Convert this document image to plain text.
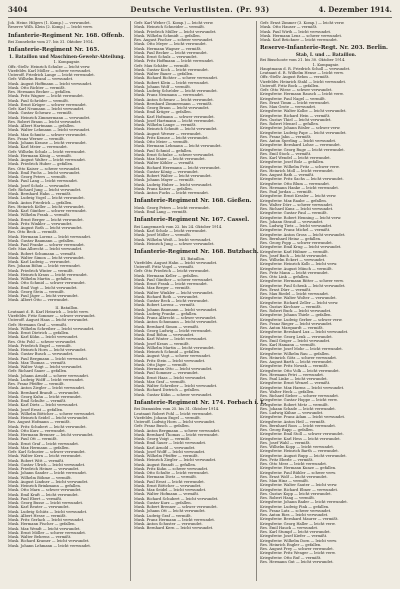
3404	Deutsche Verlustlisten. (Pr. 93)	4. Dezember 1914.
Joh. Heinr. Hilgers (1. Komp.) — verwundet.
Reserve Wilh. Klein (2. Komp.) — leicht verw.
Infanterie-Regiment Nr. 168. Offenb.
Bei Zonnebeke vom 27. bis 31. Oktober 1914.
Infanterie-Regiment Nr. 165.
1. Bataillon und Maschinen-Gewehr-Abteilung.
1. Kompagnie.
Offz.-Stellv. Heinrich Schulze — leicht verw.
Vizefeldw. Karl Möller — schwer verwundet.
Unteroff. Friedrich Lange — leicht verwundet.
Gefr. Wilhelm Brand — verwundet.
Musk. August Hoffmann — leicht verwundet.
Musk. Otto Richter — vermißt.
Res. Hermann Becker — gefallen.
Musk. Fritz Wagner — leicht verwundet.
Musk. Paul Schröder — vermißt.
Musk. Ernst Krüger — schwer verwundet.
Gefr. Karl Neumann — leicht verwundet.
Musk. Gustav Schwarz — vermißt.
Musk. Heinrich Zimmermann — verwundet.
Res. Robert Braun — leicht verwundet.
Musk. Albert Hartmann — gefallen.
Musk. Walter Lehmann — leicht verwundet.
Musk. Max Schmitz — schwer verwundet.
Res. Franz Werner — vermißt.
Musk. Johann Krause — leicht verwundet.
Musk. Karl Meier — verwundet.
Gefr. Wilhelm Schulz — leicht verwundet.
Musk. Hermann König — vermißt.
Musk. August Walter — leicht verwundet.
Musk. Friedrich Huber — gefallen.
Res. Otto Kaiser — schwer verwundet.
Musk. Emil Fuchs — leicht verwundet.
Musk. Georg Peters — vermißt.
Musk. Paul Lang — leicht verwundet.
Musk. Josef Scholz — verwundet.
Gefr. Richard Jung — leicht verwundet.
Musk. Bernhard Hahn — vermißt.
Musk. Ludwig Vogel — leicht verwundet.
Musk. Anton Friedrich — gefallen.
Res. Heinrich Keller — leicht verwundet.
Musk. Karl Günther — schwer verwundet.
Musk. Wilhelm Frank — vermißt.
Musk. Ernst Berger — leicht verwundet.
Musk. Fritz Winkler — verwundet.
Musk. August Roth — leicht verwundet.
Res. Otto Beck — vermißt.
Musk. Hermann Lorenz — leicht verwundet.
Musk. Gustav Baumann — gefallen.
Musk. Paul Franke — schwer verwundet.
Gefr. Max Albrecht — leicht verwundet.
Musk. Robert Schumann — vermißt.
Musk. Walter Simon — leicht verwundet.
Musk. Karl Ludwig — verwundet.
Res. Johann Böhm — leicht verwundet.
Musk. Friedrich Winter — vermißt.
Musk. Heinrich Kraus — leicht verwundet.
Musk. Wilhelm Martin — gefallen.
Musk. Otto Schmid — schwer verwundet.
Musk. Emil Vogt — leicht verwundet.
Musk. Georg Stein — vermißt.
Musk. Paul Jäger — leicht verwundet.
Musk. Albert Otto — verwundet.
II. Bataillon.
Leutnant d. R. Karl Heinrich — leicht verw.
Vizefeldw. Fritz Sommer — schwer verwundet.
Unteroff. August Haas — leicht verwundet.
Gefr. Hermann Graf — vermißt.
Musk. Wilhelm Schreiber — leicht verwundet.
Musk. Ernst Dietrich — gefallen.
Musk. Karl Kühn — leicht verwundet.
Res. Otto Pohl — schwer verwundet.
Musk. Friedrich Engel — vermißt.
Musk. Heinrich Horn — leicht verwundet.
Musk. Gustav Busch — verwundet.
Musk. Paul Bergmann — leicht verwundet.
Musk. Max Thomas — vermißt.
Musk. Walter Voigt — leicht verwundet.
Gefr. Richard Sauer — gefallen.
Musk. Johann Arnold — schwer verwundet.
Musk. Ludwig Wolff — leicht verwundet.
Res. Franz Pfeiffer — vermißt.
Musk. Anton Ziegler — leicht verwundet.
Musk. Bernhard Brandt — verwundet.
Musk. Georg Kuhn — leicht verwundet.
Musk. Emil Schulte — vermißt.
Musk. Karl Dietz — leicht verwundet.
Musk. Josef Ernst — gefallen.
Musk. Wilhelm Böttcher — schwer verwundet.
Musk. Heinrich Seidel — leicht verwundet.
Res. August Hofmann — vermißt.
Musk. Fritz Schubert — leicht verwundet.
Musk. Otto Kurz — verwundet.
Musk. Hermann Brenner — leicht verwundet.
Musk. Paul Ott — vermißt.
Musk. Ernst Graf — leicht verwundet.
Musk. Max Hermann — gefallen.
Gefr. Karl Schuster — schwer verwundet.
Musk. Walter Kern — leicht verwundet.
Musk. Robert Witt — vermißt.
Musk. Gustav Ulrich — leicht verwundet.
Musk. Friedrich Heinze — verwundet.
Musk. Johann Sander — leicht verwundet.
Musk. Wilhelm Böhme — vermißt.
Musk. August Lindner — leicht verwundet.
Musk. Heinrich Brinkmann — gefallen.
Musk. Otto Marx — schwer verwundet.
Musk. Emil Kraft — leicht verwundet.
Musk. Paul Ebert — vermißt.
Musk. Georg Busse — leicht verwundet.
Musk. Karl Reuter — verwundet.
Musk. Ludwig Schütz — leicht verwundet.
Musk. Albert Hesse — vermißt.
Musk. Fritz Gerlach — leicht verwundet.
Musk. Hermann Fischer — gefallen.
Musk. Max Wendt — leicht verwundet.
Musk. Ernst Möller — schwer verwundet.
Musk. Walter Behrens — vermißt.
Musk. Richard Kramer — leicht verwundet.
Musk. Johann Lehmann — leicht verwundet.
Gefr. Karl Weber (1. Komp.) — leicht verw.
Musk. Heinrich Schneider — vermißt.
Musk. Friedrich Müller — leicht verwundet.
Musk. Wilhelm Schmidt — gefallen.
Res. August Fischer — schwer verwundet.
Musk. Otto Meyer — leicht verwundet.
Musk. Hermann Wagner — vermißt.
Musk. Paul Becker — leicht verwundet.
Musk. Ernst Schulz — verwundet.
Musk. Fritz Hoffmann — leicht verwundet.
Gefr. Max Schäfer — vermißt.
Musk. Gustav Koch — leicht verwundet.
Musk. Walter Bauer — gefallen.
Musk. Richard Richter — schwer verwundet.
Musk. Robert Klein — leicht verwundet.
Musk. Johann Wolf — vermißt.
Musk. Ludwig Schröder — leicht verwundet.
Musk. Franz Neumann — verwundet.
Musk. Anton Schwarz — leicht verwundet.
Musk. Bernhard Zimmermann — vermißt.
Musk. Georg Braun — leicht verwundet.
Musk. Emil Krüger — gefallen.
Musk. Karl Hofmann — schwer verwundet.
Musk. Josef Hartmann — leicht verwundet.
Musk. Wilhelm Lange — vermißt.
Musk. Heinrich Schmitt — leicht verwundet.
Musk. August Werner — verwundet.
Musk. Fritz Krause — leicht verwundet.
Musk. Otto Meier — vermißt.
Musk. Hermann Lehmann — leicht verwundet.
Musk. Paul Schmid — gefallen.
Musk. Ernst Schulze — schwer verwundet.
Musk. Max Maier — leicht verwundet.
Musk. Walter Köhler — vermißt.
Musk. Richard Herrmann — leicht verwundet.
Musk. Gustav König — verwundet.
Musk. Robert Walter — leicht verwundet.
Musk. Johann Mayer — vermißt.
Musk. Ludwig Huber — leicht verwundet.
Musk. Franz Kaiser — gefallen.
Musk. Anton Fuchs — leicht verwundet.
Infanterie-Regiment Nr. 168. Gießen.
Musk. Georg Peters — leicht verwundet.
Musk. Emil Lang — vermißt.
Infanterie-Regiment Nr. 167. Cassel.
Bei Langemarck vom 22. bis 24. Oktober 1914.
Musk. Karl Scholz — leicht verwundet.
Musk. Josef Möller — vermißt.
Musk. Wilhelm Weiß — leicht verwundet.
Musk. Heinrich Jung — schwer verwundet.
Infanterie-Regiment Nr. 168. Butzbach.
III. Bataillon.
Vizefeldw. August Hahn — leicht verwundet.
Unteroff. Fritz Vogel — vermißt.
Gefr. Otto Friedrich — leicht verwundet.
Musk. Hermann Keller — gefallen.
Musk. Paul Günther — schwer verwundet.
Musk. Ernst Frank — leicht verwundet.
Musk. Max Berger — vermißt.
Musk. Walter Winkler — leicht verwundet.
Musk. Richard Roth — verwundet.
Musk. Gustav Beck — leicht verwundet.
Musk. Robert Lorenz — vermißt.
Musk. Johann Baumann — leicht verwundet.
Musk. Ludwig Franke — gefallen.
Musk. Franz Albrecht — schwer verwundet.
Musk. Anton Schumann — leicht verwundet.
Musk. Bernhard Simon — vermißt.
Musk. Georg Ludwig — leicht verwundet.
Musk. Emil Böhm — verwundet.
Musk. Karl Winter — leicht verwundet.
Musk. Josef Kraus — vermißt.
Musk. Wilhelm Martin — leicht verwundet.
Musk. Heinrich Schmid — gefallen.
Musk. August Vogt — schwer verwundet.
Musk. Fritz Stein — leicht verwundet.
Musk. Otto Jäger — vermißt.
Musk. Hermann Otto — leicht verwundet.
Musk. Paul Sommer — verwundet.
Musk. Ernst Haas — leicht verwundet.
Musk. Max Graf — vermißt.
Musk. Walter Schreiber — leicht verwundet.
Musk. Richard Dietrich — gefallen.
Musk. Gustav Kühn — schwer verwundet.
Infanterie-Regiment Nr. 174. Forbach i. L.
Bei Dixmuiden vom 25. bis 31. Oktober 1914.
Leutnant Robert Pohl — leicht verwundet.
Vizefeldw. Johann Engel — vermißt.
Unteroff. Ludwig Horn — leicht verwundet.
Gefr. Franz Busch — gefallen.
Musk. Anton Bergmann — schwer verwundet.
Musk. Bernhard Thomas — leicht verwundet.
Musk. Georg Voigt — vermißt.
Musk. Emil Sauer — leicht verwundet.
Musk. Karl Arnold — verwundet.
Musk. Josef Wolff — leicht verwundet.
Musk. Wilhelm Pfeiffer — vermißt.
Musk. Heinrich Ziegler — leicht verwundet.
Musk. August Brandt — gefallen.
Musk. Fritz Kuhn — schwer verwundet.
Musk. Otto Schulte — leicht verwundet.
Musk. Hermann Dietz — vermißt.
Musk. Paul Ernst — leicht verwundet.
Musk. Ernst Böttcher — verwundet.
Musk. Max Seidel — leicht verwundet.
Musk. Walter Hofmann — vermißt.
Musk. Richard Schubert — leicht verwundet.
Musk. Gustav Kurz — gefallen.
Musk. Robert Brenner — schwer verwundet.
Musk. Johann Ott — leicht verwundet.
Musk. Ludwig Graf — vermißt.
Musk. Franz Hermann — leicht verwundet.
Musk. Anton Schuster — verwundet.
Musk. Bernhard Kern — leicht verwundet.
Gefr. Ernst Zimmer (3. Komp.) — leicht verw.
Musk. Otto Hauser — vermißt.
Musk. Paul Wirth — leicht verwundet.
Musk. Hermann Lenz — schwer verwundet.
Musk. Karl Brückner — leicht verwundet.
Reserve-Infanterie-Regt. Nr. 203. Berlin.
Stab, I. und ... Bataillon.
Bei Bixschoote vom 21. bis 30. Oktober 1914.
1. Kompagnie.
Hauptmann d. R. Friedrich Scholl — verwundet.
Leutnant d. R. Wilhelm Hense — leicht verw.
Offz.-Stellv. August Rehm — vermißt.
Vizefeldw. Heinrich Stahl — leicht verwundet.
Unteroff. Fritz Bock — gefallen.
Gefr. Otto Wiese — schwer verwundet.
Kriegsfreiw. Hermann Rausch — leicht verw.
Kriegsfreiw. Paul Nagel — vermißt.
Res. Ernst Timm — leicht verwundet.
Res. Max Grote — verwundet.
Kriegsfreiw. Walter Kolbe — leicht verwundet.
Kriegsfreiw. Richard Hein — vermißt.
Res. Gustav Thiel — leicht verwundet.
Res. Robert Menzel — gefallen.
Kriegsfreiw. Johann Rösler — schwer verw.
Kriegsfreiw. Ludwig Pape — leicht verwundet.
Res. Franz Jahn — vermißt.
Res. Anton Sperling — leicht verwundet.
Kriegsfreiw. Bernhard Lohse — verwundet.
Kriegsfreiw. Georg Ruge — leicht verwundet.
Res. Emil Stock — vermißt.
Res. Karl Wendel — leicht verwundet.
Kriegsfreiw. Josef Bolz — gefallen.
Kriegsfreiw. Wilhelm Fritz — schwer verw.
Res. Heinrich Moll — leicht verwundet.
Res. August Rath — vermißt.
Kriegsfreiw. Fritz Sachs — leicht verwundet.
Kriegsfreiw. Otto Blum — verwundet.
Res. Hermann Hanke — leicht verwundet.
Res. Paul Jordan — vermißt.
Kriegsfreiw. Ernst Kessler — leicht verw.
Kriegsfreiw. Max Raabe — gefallen.
Res. Walter Dörr — schwer verwundet.
Res. Richard Kunz — leicht verwundet.
Kriegsfreiw. Gustav Paul — vermißt.
Kriegsfreiw. Robert Henning — leicht verw.
Res. Johann Strauß — verwundet.
Res. Ludwig Tietz — leicht verwundet.
Kriegsfreiw. Franz Michel — vermißt.
Kriegsfreiw. Anton Gross — leicht verwundet.
Res. Bernhard Heinz — gefallen.
Res. Georg Popp — schwer verwundet.
Kriegsfreiw. Emil Krug — leicht verwundet.
Kriegsfreiw. Karl Hübner — vermißt.
Res. Josef Bach — leicht verwundet.
Res. Wilhelm Eckert — verwundet.
Kriegsfreiw. Heinrich Kolb — leicht verw.
Kriegsfreiw. August Münch — vermißt.
Res. Fritz Mann — leicht verwundet.
Res. Otto Link — gefallen.
Kriegsfreiw. Hermann Ritter — schwer verw.
Kriegsfreiw. Paul Schenk — leicht verwundet.
Res. Ernst Dürr — vermißt.
Res. Max Riedel — leicht verwundet.
Kriegsfreiw. Walter Wolter — verwundet.
Kriegsfreiw. Richard Zeller — leicht verw.
Res. Gustav Kirchner — vermißt.
Res. Robert Buck — leicht verwundet.
Kriegsfreiw. Johann Thiele — gefallen.
Kriegsfreiw. Ludwig Gerber — schwer verw.
Res. Franz Rieger — leicht verwundet.
Res. Anton Marquardt — vermißt.
Kriegsfreiw. Bernhard Lux — leicht verwundet.
Kriegsfreiw. Georg Lenk — verwundet.
Res. Emil Geiger — leicht verwundet.
Res. Karl Hamann — vermißt.
Kriegsfreiw. Josef Mohr — leicht verwundet.
Kriegsfreiw. Wilhelm Rau — gefallen.
Res. Heinrich Götz — schwer verwundet.
Res. August Barth — leicht verwundet.
Kriegsfreiw. Fritz Nowak — vermißt.
Kriegsfreiw. Otto Volk — leicht verwundet.
Res. Hermann Petri — verwundet.
Res. Paul Linke — leicht verwundet.
Kriegsfreiw. Ernst Wenzel — vermißt.
Kriegsfreiw. Max Harms — leicht verwundet.
Res. Walter Heck — gefallen.
Res. Richard Sieber — schwer verwundet.
Kriegsfreiw. Gustav Hoppe — leicht verw.
Kriegsfreiw. Robert Metz — vermißt.
Res. Johann Schade — leicht verwundet.
Res. Ludwig Kühne — verwundet.
Kriegsfreiw. Franz Adam — leicht verwundet.
Kriegsfreiw. Anton Heil — vermißt.
Res. Bernhard Roos — leicht verwundet.
Res. Georg Rapp — gefallen.
Kriegsfreiw. Emil Stoll — schwer verwundet.
Kriegsfreiw. Karl Hess — leicht verwundet.
Res. Josef Wahl — vermißt.
Res. Wilhelm Kopp — leicht verwundet.
Kriegsfreiw. Heinrich Barth — verwundet.
Kriegsfreiw. August Rupp — leicht verwundet.
Res. Fritz Eberle — vermißt.
Res. Otto Merz — leicht verwundet.
Kriegsfreiw. Hermann Kunze — gefallen.
Kriegsfreiw. Paul Bühler — schwer verw.
Res. Ernst Wolf — leicht verwundet.
Res. Max Hinz — vermißt.
Kriegsfreiw. Walter Sauter — leicht verw.
Kriegsfreiw. Richard Ebner — verwundet.
Res. Gustav Kopp — leicht verwundet.
Res. Robert Haag — vermißt.
Kriegsfreiw. Johann Bader — leicht verwundet.
Kriegsfreiw. Ludwig Fink — gefallen.
Res. Franz Lutz — schwer verwundet.
Res. Anton Ries — leicht verwundet.
Kriegsfreiw. Bernhard Maurer — vermißt.
Kriegsfreiw. Georg Haller — leicht verw.
Res. Emil Hauck — verwundet.
Res. Karl Stumpf — leicht verwundet.
Kriegsfreiw. Josef Kiefer — vermißt.
Kriegsfreiw. Wilhelm Dorn — leicht verw.
Res. Heinrich Engler — gefallen.
Res. August Frey — schwer verwundet.
Kriegsfreiw. Fritz Wenger — leicht verw.
Kriegsfreiw. Otto Ruf — vermißt.
Res. Hermann Gut — leicht verwundet.
